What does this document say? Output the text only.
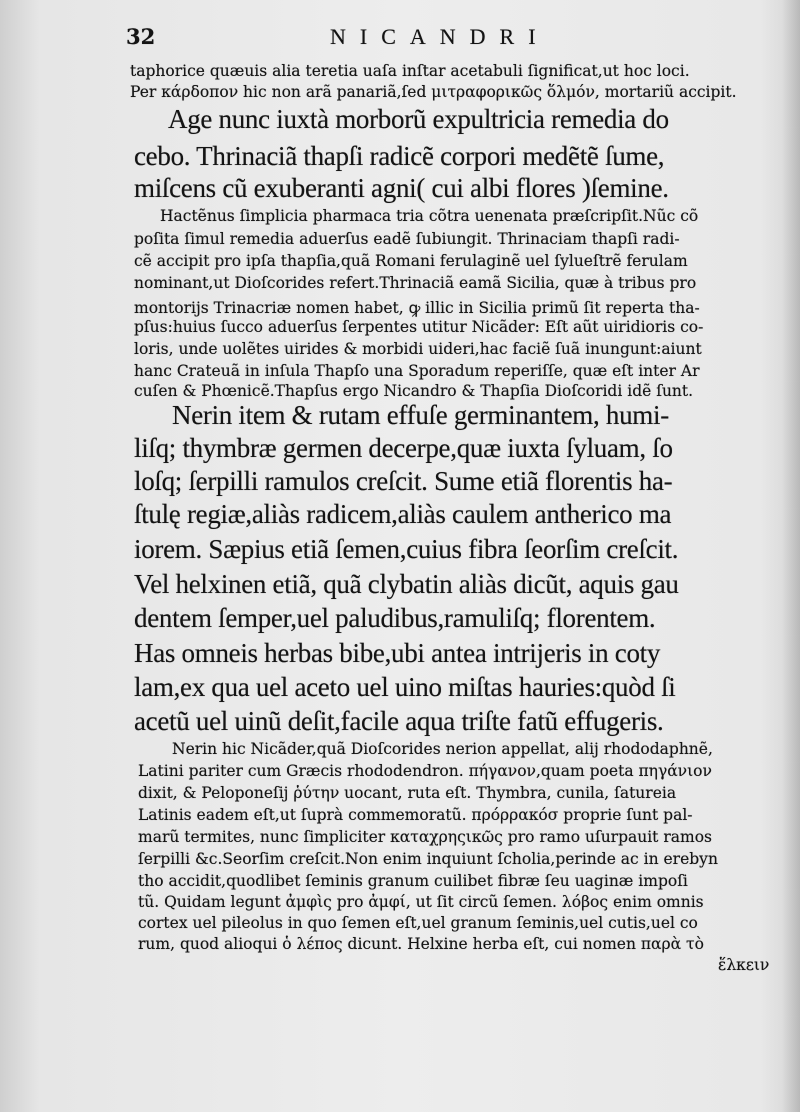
32	NICANDRI
taphorice quæuis alia teretia uaſa inſtar acetabuli ſignificat,ut hoc loci.
Per κάρδοπον hic non arã panariã,ſed μιτραφορικῶς ὅλμόν, mortariũ accipit.
Age nunc iuxtà morborũ expultricia remedia do
cebo. Thrinaciã thapſi radicẽ corpori medẽtẽ ſume,
miſcens cũ exuberanti agni( cui albi flores )ſemine.
Hactẽnus ſimplicia pharmaca tria cõtra uenenata præſcripſit.Nũc cõ
poſita ſimul remedia aduerſus eadẽ ſubiungit. Thrinaciam thapſi radi-
cẽ accipit pro ipſa thapſia,quã Romani ferulaginẽ uel ſylueſtrẽ ferulam
nominant,ut Dioſcorides refert.Thrinaciã eamã Sicilia, quæ à tribus pro
montorijs Trinacriæ nomen habet, ꝙ illic in Sicilia primũ ſit reperta tha-
pſus:huius ſucco aduerſus ſerpentes utitur Nicãder: Eſt aũt uiridioris co-
loris, unde uolẽtes uirides & morbidi uideri,hac faciẽ ſuã inungunt:aiunt
hanc Crateuã in inſula Thapſo una Sporadum reperiſſe, quæ eſt inter Ar
cuſen & Phœnicẽ.Thapſus ergo Nicandro & Thapſia Dioſcoridi idẽ ſunt.
Nerin item & rutam effuſe germinantem, humi-
liſq; thymbræ germen decerpe,quæ iuxta ſyluam, ſo
loſq; ſerpilli ramulos creſcit. Sume etiã florentis ha-
ſtulę regiæ,aliàs radicem,aliàs caulem antherico ma
iorem. Sæpius etiã ſemen,cuius fibra ſeorſim creſcit.
Vel helxinen etiã, quã clybatin aliàs dicũt, aquis gau
dentem ſemper,uel paludibus,ramuliſq; florentem.
Has omneis herbas bibe,ubi antea intrijeris in coty
lam,ex qua uel aceto uel uino miſtas hauries:quòd ſi
acetũ uel uinũ deſit,facile aqua triſte fatũ effugeris.
Nerin hic Nicãder,quã Dioſcorides nerion appellat, alij rhododaphnẽ,
Latini pariter cum Græcis rhododendron. πήγανον,quam poeta πηγάνιον
dixit, & Peloponeſij ῥύτην uocant, ruta eſt. Thymbra, cunila, ſatureia
Latinis eadem eſt,ut ſuprà commemoratũ. πρόρρακόσ proprie ſunt pal-
marũ termites, nunc ſimpliciter καταχρηςικῶς pro ramo uſurpauit ramos
ſerpilli &c.Seorſim creſcit.Non enim inquiunt ſcholia,perinde ac in erebyn
tho accidit,quodlibet ſeminis granum cuilibet fibræ ſeu uaginæ impoſi
tũ. Quidam legunt ἀμφὶς pro ἀμφί, ut ſit circũ ſemen. λόβος enim omnis
cortex uel pileolus in quo ſemen eſt,uel granum ſeminis,uel cutis,uel co
rum, quod alioqui ὁ λέπος dicunt. Helxine herba eſt, cui nomen παρὰ τὸ
ἕλκειν
